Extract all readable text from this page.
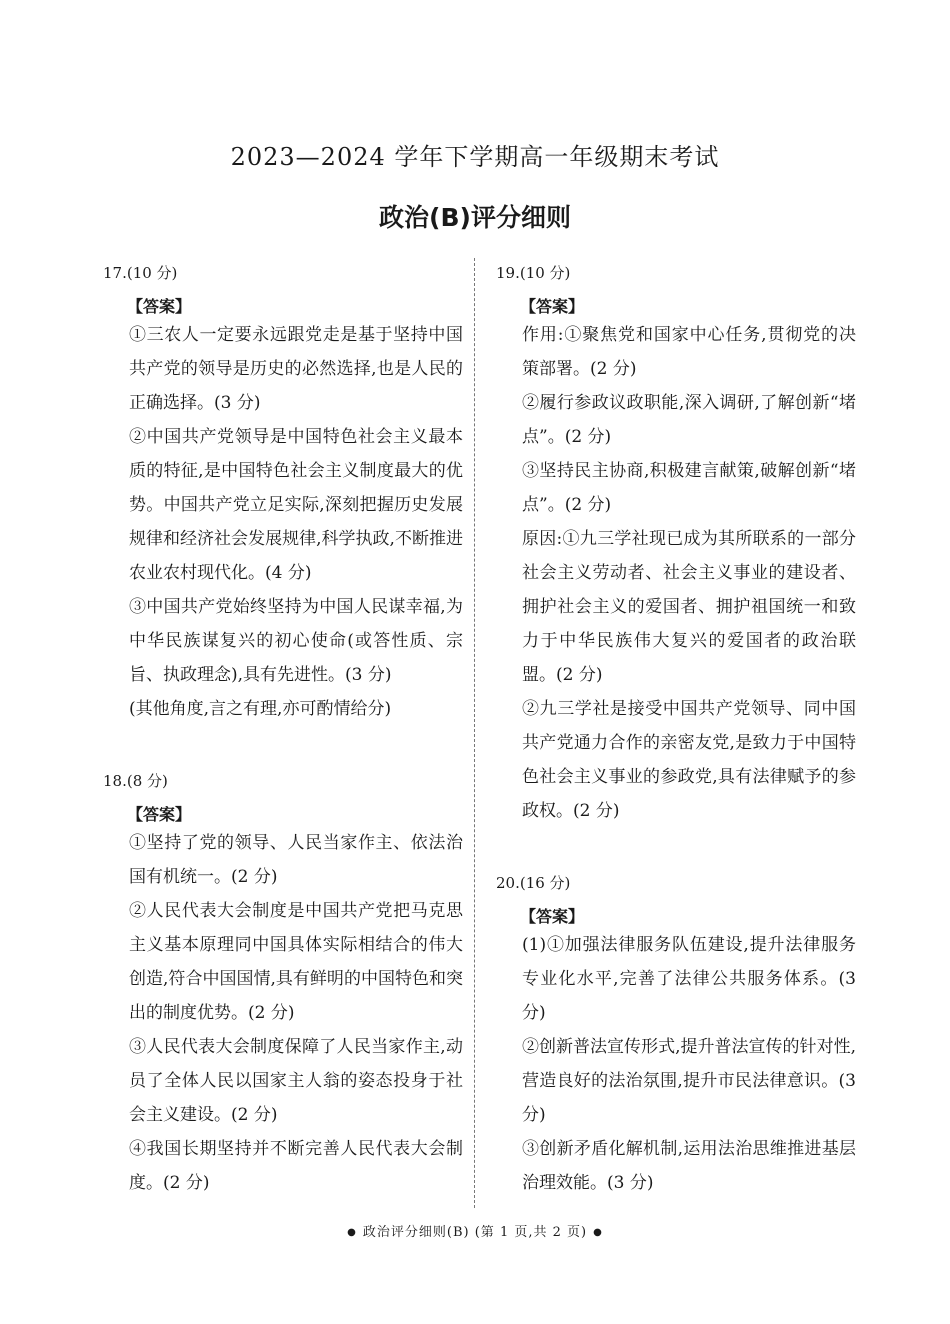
2023—2024 学年下学期高一年级期末考试
政治(B)评分细则

17.(10 分)

【答案】

①三农人一定要永远跟党走是基于坚持中国共产党的领导是历史的必然选择,也是人民的正确选择。(3 分)
②中国共产党领导是中国特色社会主义最本质的特征,是中国特色社会主义制度最大的优势。中国共产党立足实际,深刻把握历史发展规律和经济社会发展规律,科学执政,不断推进农业农村现代化。(4 分)
③中国共产党始终坚持为中国人民谋幸福,为中华民族谋复兴的初心使命(或答性质、宗旨、执政理念),具有先进性。(3 分)
(其他角度,言之有理,亦可酌情给分)

18.(8 分)

【答案】

①坚持了党的领导、人民当家作主、依法治国有机统一。(2 分)
②人民代表大会制度是中国共产党把马克思主义基本原理同中国具体实际相结合的伟大创造,符合中国国情,具有鲜明的中国特色和突出的制度优势。(2 分)
③人民代表大会制度保障了人民当家作主,动员了全体人民以国家主人翁的姿态投身于社会主义建设。(2 分)
④我国长期坚持并不断完善人民代表大会制度。(2 分)

19.(10 分)

【答案】

作用:①聚焦党和国家中心任务,贯彻党的决策部署。(2 分)
②履行参政议政职能,深入调研,了解创新“堵点”。(2 分)
③坚持民主协商,积极建言献策,破解创新“堵点”。(2 分)
原因:①九三学社现已成为其所联系的一部分社会主义劳动者、社会主义事业的建设者、拥护社会主义的爱国者、拥护祖国统一和致力于中华民族伟大复兴的爱国者的政治联盟。(2 分)
②九三学社是接受中国共产党领导、同中国共产党通力合作的亲密友党,是致力于中国特色社会主义事业的参政党,具有法律赋予的参政权。(2 分)

20.(16 分)

【答案】

(1)①加强法律服务队伍建设,提升法律服务专业化水平,完善了法律公共服务体系。(3 分)
②创新普法宣传形式,提升普法宣传的针对性,营造良好的法治氛围,提升市民法律意识。(3 分)
③创新矛盾化解机制,运用法治思维推进基层治理效能。(3 分)
● 政治评分细则(B) (第 1 页,共 2 页) ●
